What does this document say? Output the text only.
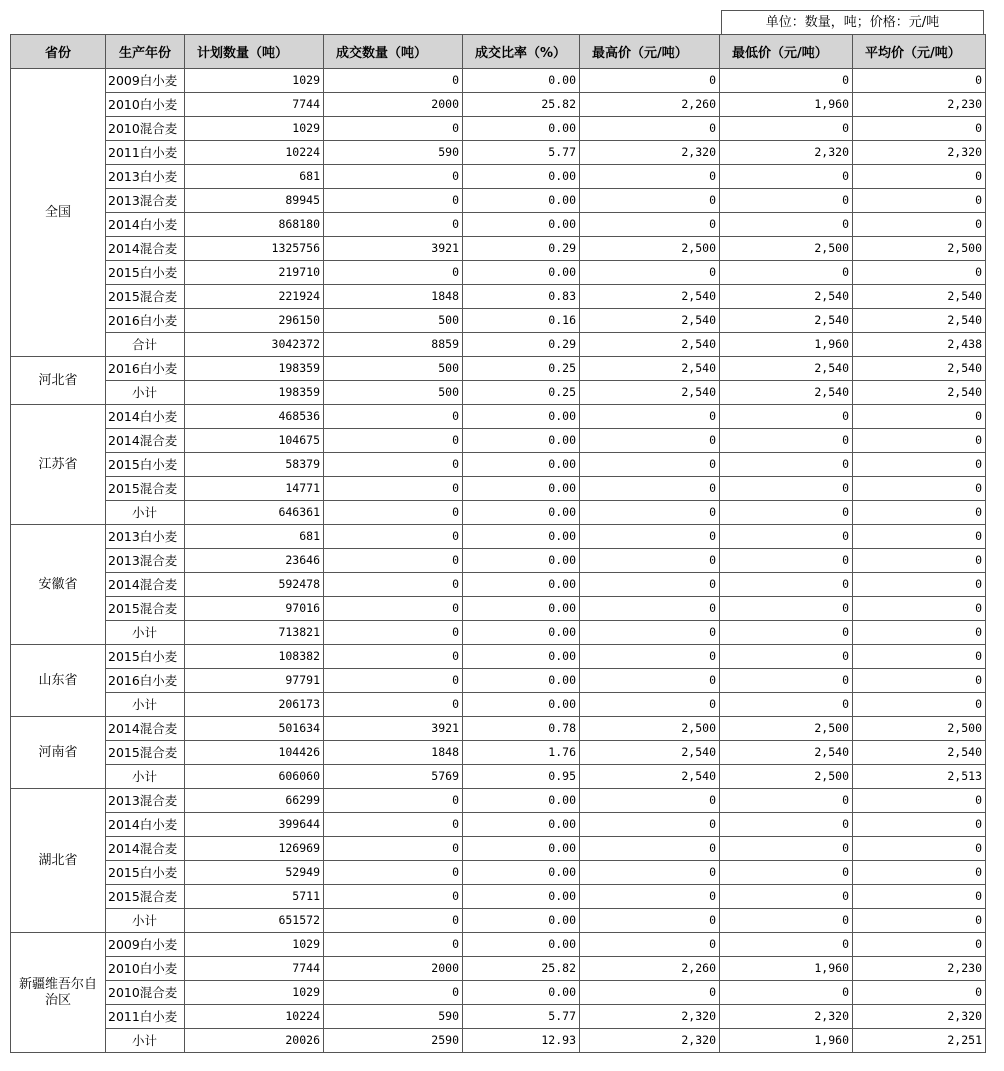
单位：数量，吨；价格：元/吨
省份	生产年份	计划数量（吨）	成交数量（吨）	成交比率（%）	最高价（元/吨）	最低价（元/吨）	平均价（元/吨）
全国	2009白小麦	1029	0	0.00	0	0	0
	2010白小麦	7744	2000	25.82	2,260	1,960	2,230
	2010混合麦	1029	0	0.00	0	0	0
	2011白小麦	10224	590	5.77	2,320	2,320	2,320
	2013白小麦	681	0	0.00	0	0	0
	2013混合麦	89945	0	0.00	0	0	0
	2014白小麦	868180	0	0.00	0	0	0
	2014混合麦	1325756	3921	0.29	2,500	2,500	2,500
	2015白小麦	219710	0	0.00	0	0	0
	2015混合麦	221924	1848	0.83	2,540	2,540	2,540
	2016白小麦	296150	500	0.16	2,540	2,540	2,540
	合计	3042372	8859	0.29	2,540	1,960	2,438
河北省	2016白小麦	198359	500	0.25	2,540	2,540	2,540
	小计	198359	500	0.25	2,540	2,540	2,540
江苏省	2014白小麦	468536	0	0.00	0	0	0
	2014混合麦	104675	0	0.00	0	0	0
	2015白小麦	58379	0	0.00	0	0	0
	2015混合麦	14771	0	0.00	0	0	0
	小计	646361	0	0.00	0	0	0
安徽省	2013白小麦	681	0	0.00	0	0	0
	2013混合麦	23646	0	0.00	0	0	0
	2014混合麦	592478	0	0.00	0	0	0
	2015混合麦	97016	0	0.00	0	0	0
	小计	713821	0	0.00	0	0	0
山东省	2015白小麦	108382	0	0.00	0	0	0
	2016白小麦	97791	0	0.00	0	0	0
	小计	206173	0	0.00	0	0	0
河南省	2014混合麦	501634	3921	0.78	2,500	2,500	2,500
	2015混合麦	104426	1848	1.76	2,540	2,540	2,540
	小计	606060	5769	0.95	2,540	2,500	2,513
湖北省	2013混合麦	66299	0	0.00	0	0	0
	2014白小麦	399644	0	0.00	0	0	0
	2014混合麦	126969	0	0.00	0	0	0
	2015白小麦	52949	0	0.00	0	0	0
	2015混合麦	5711	0	0.00	0	0	0
	小计	651572	0	0.00	0	0	0
新疆维吾尔自治区	2009白小麦	1029	0	0.00	0	0	0
	2010白小麦	7744	2000	25.82	2,260	1,960	2,230
	2010混合麦	1029	0	0.00	0	0	0
	2011白小麦	10224	590	5.77	2,320	2,320	2,320
	小计	20026	2590	12.93	2,320	1,960	2,251
